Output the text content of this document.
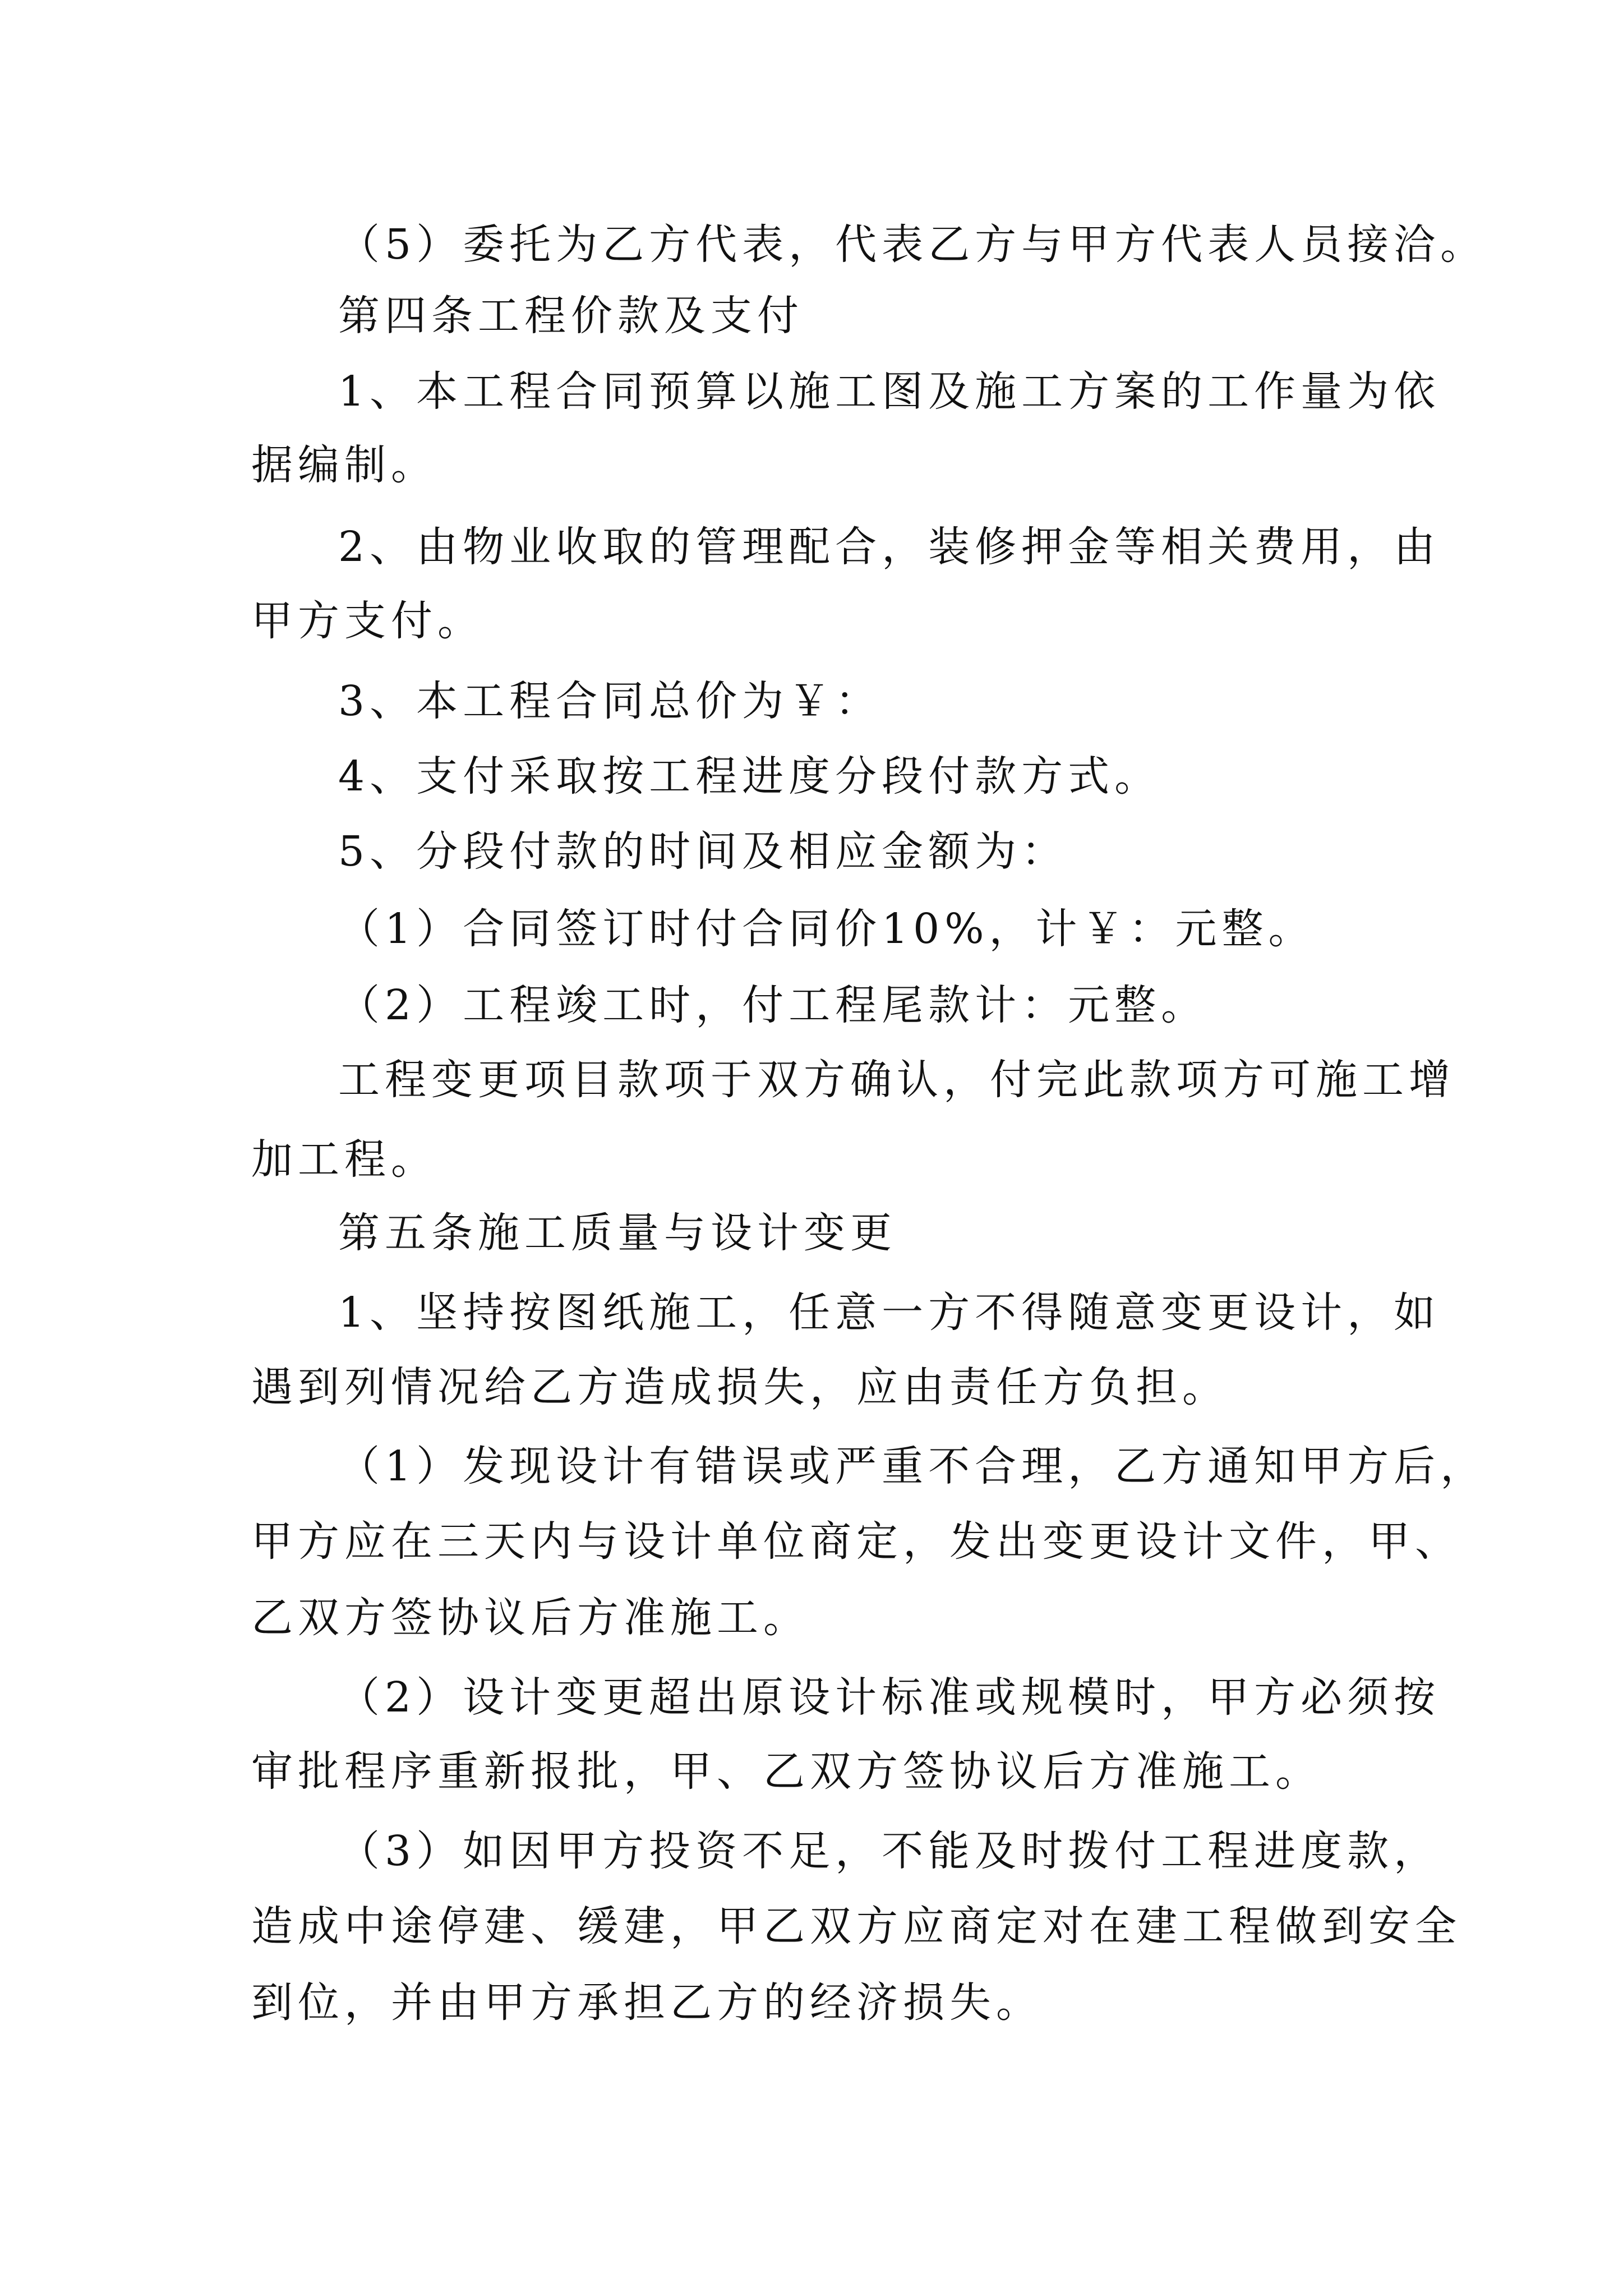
（5）委托为乙方代表，代表乙方与甲方代表人员接洽。
第四条工程价款及支付
1、本工程合同预算以施工图及施工方案的工作量为依
据编制。
2、由物业收取的管理配合，装修押金等相关费用，由
甲方支付。
3、本工程合同总价为￥：
4、支付采取按工程进度分段付款方式。
5、分段付款的时间及相应金额为：
（1）合同签订时付合同价10%，计￥：元整。
（2）工程竣工时，付工程尾款计：元整。
工程变更项目款项于双方确认，付完此款项方可施工增
加工程。
第五条施工质量与设计变更
1、坚持按图纸施工，任意一方不得随意变更设计，如
遇到列情况给乙方造成损失，应由责任方负担。
（1）发现设计有错误或严重不合理，乙方通知甲方后，
甲方应在三天内与设计单位商定，发出变更设计文件，甲、
乙双方签协议后方准施工。
（2）设计变更超出原设计标准或规模时，甲方必须按
审批程序重新报批，甲、乙双方签协议后方准施工。
（3）如因甲方投资不足，不能及时拨付工程进度款，
造成中途停建、缓建，甲乙双方应商定对在建工程做到安全
到位，并由甲方承担乙方的经济损失。
